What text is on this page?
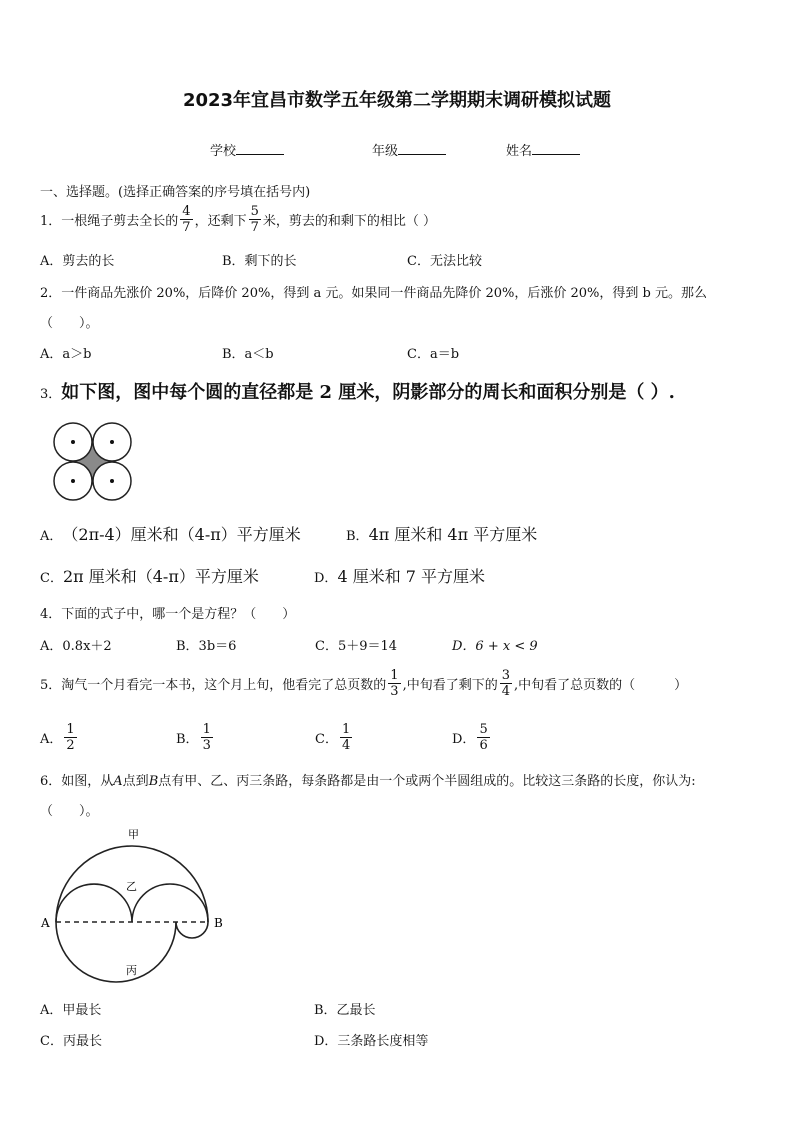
2023年宜昌市数学五年级第二学期期末调研模拟试题
学校	年级	姓名
一、选择题。(选择正确答案的序号填在括号内)
1．一根绳子剪去全长的 $\frac{4}{7}$ ，还剩下 $\frac{5}{7}$ 米，剪去的和剩下的相比（ ）
A．剪去的长	B．剩下的长	C．无法比较
2．一件商品先涨价 20%，后降价 20%，得到 a 元。如果同一件商品先降价 20%，后涨价 20%，得到 b 元。那么
（　　）。
A．a＞b	B．a＜b	C．a＝b
3． 如下图，图中每个圆的直径都是 2 厘米，阴影部分的周长和面积分别是（ ）.
A． （2π-4）厘米和（4-π）平方厘米	B． 4π 厘米和 4π 平方厘米
C． 2π 厘米和（4-π）平方厘米	D． 4 厘米和 7 平方厘米
4．下面的式子中，哪一个是方程？（　　）
A．0.8x＋2	B．3b＝6	C．5＋9＝14	D．6 + x < 9
5．淘气一个月看完一本书，这个月上旬，他看完了总页数的 $\frac{1}{3}$ ,中旬看了剩下的 $\frac{3}{4}$ ,中旬看了总页数的（　　　）
A． $\frac{1}{2}$	B． $\frac{1}{3}$	C． $\frac{1}{4}$	D． $\frac{5}{6}$
6．如图，从A点到B点有甲、乙、丙三条路，每条路都是由一个或两个半圆组成的。比较这三条路的长度，你认为:
（　　）。
甲
乙
丙
A	B
A．甲最长	B．乙最长
C．丙最长	D．三条路长度相等
